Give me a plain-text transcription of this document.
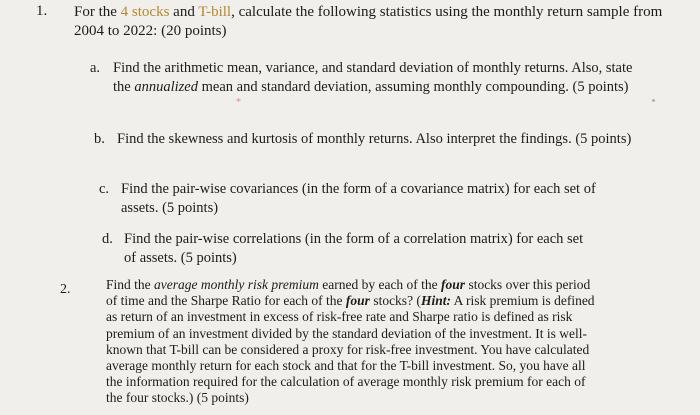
1. For the 4 stocks and T-bill, calculate the following statistics using the monthly return sample from 2004 to 2022: (20 points)
a. Find the arithmetic mean, variance, and standard deviation of monthly returns. Also, state the annualized mean and standard deviation, assuming monthly compounding. (5 points)
b. Find the skewness and kurtosis of monthly returns. Also interpret the findings. (5 points)
c. Find the pair-wise covariances (in the form of a covariance matrix) for each set of assets. (5 points)
d. Find the pair-wise correlations (in the form of a correlation matrix) for each set of assets. (5 points)
*
2.	Find the average monthly risk premium earned by each of the four stocks over this period of time and the Sharpe Ratio for each of the four stocks? (Hint: A risk premium is defined as return of an investment in excess of risk-free rate and Sharpe ratio is defined as risk premium of an investment divided by the standard deviation of the investment. It is well-known that T-bill can be considered a proxy for risk-free investment. You have calculated average monthly return for each stock and that for the T-bill investment. So, you have all the information required for the calculation of average monthly risk premium for each of the four stocks.) (5 points)
